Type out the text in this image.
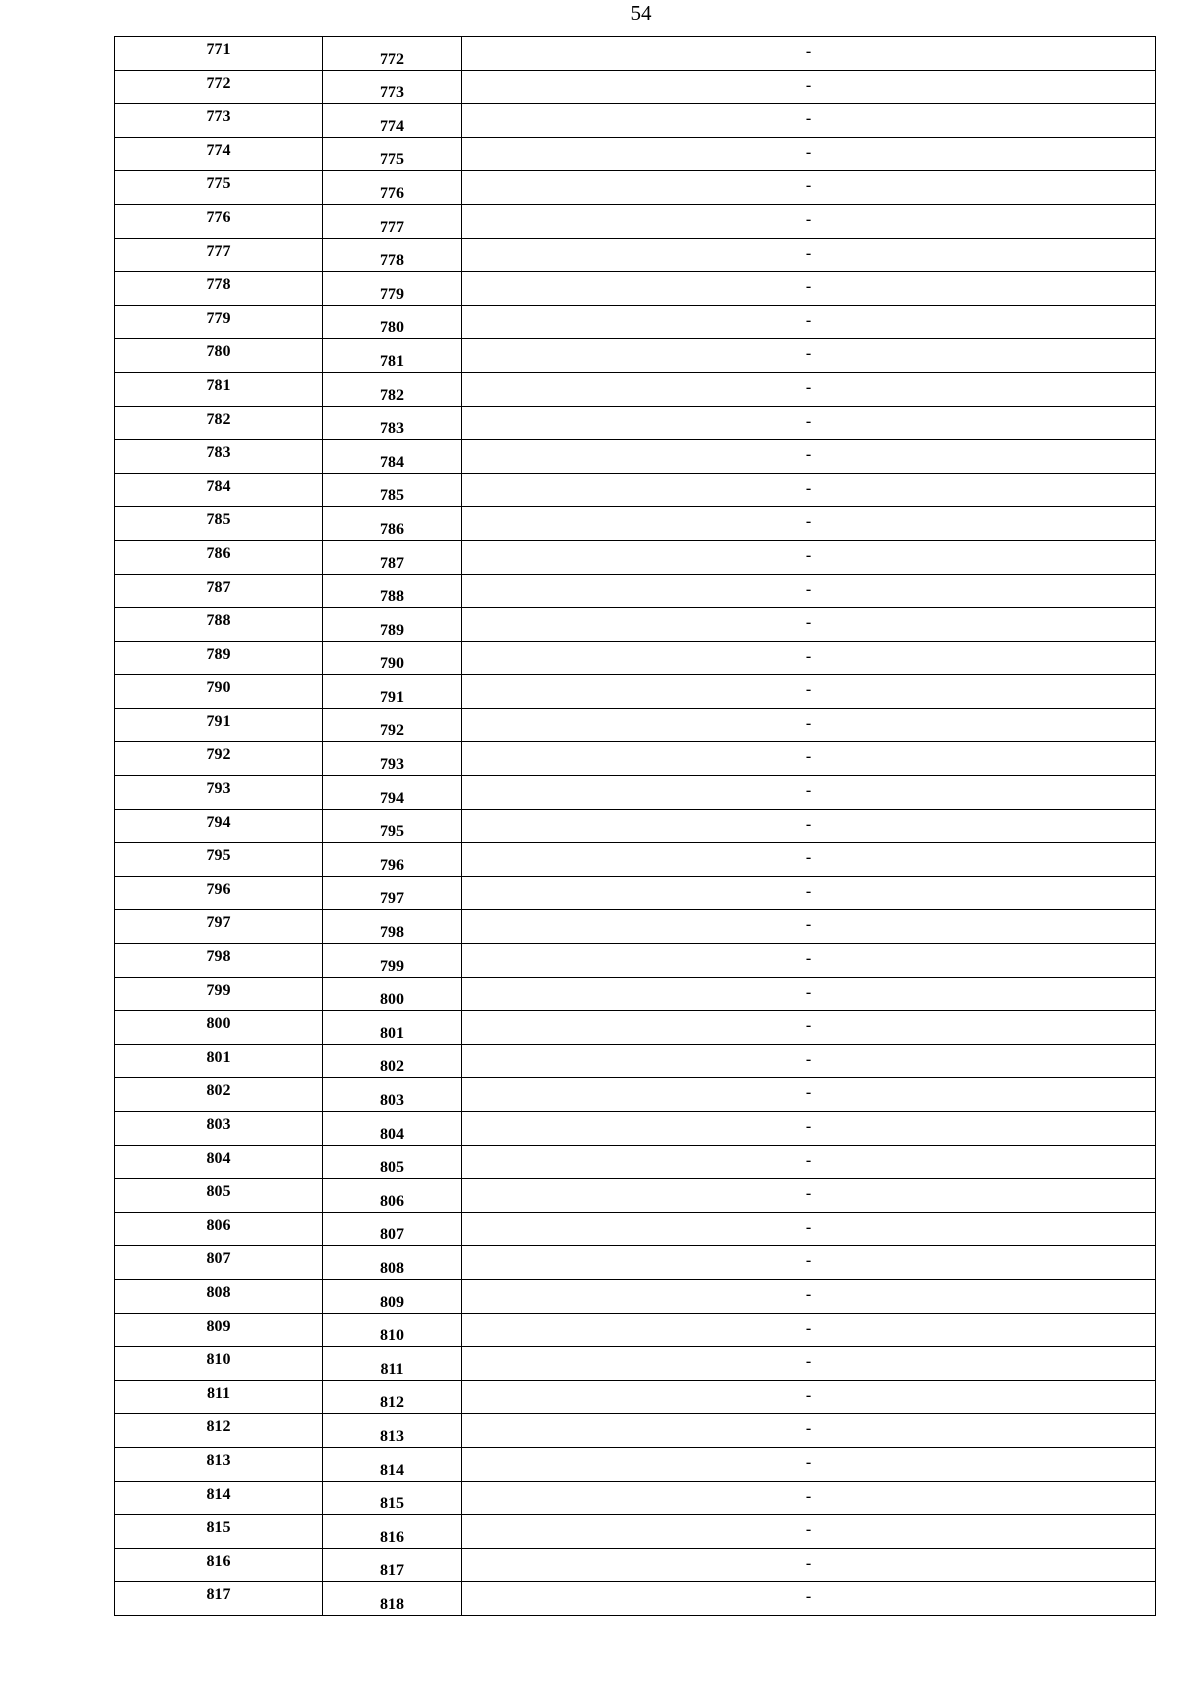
54
771	772	-
772	773	-
773	774	-
774	775	-
775	776	-
776	777	-
777	778	-
778	779	-
779	780	-
780	781	-
781	782	-
782	783	-
783	784	-
784	785	-
785	786	-
786	787	-
787	788	-
788	789	-
789	790	-
790	791	-
791	792	-
792	793	-
793	794	-
794	795	-
795	796	-
796	797	-
797	798	-
798	799	-
799	800	-
800	801	-
801	802	-
802	803	-
803	804	-
804	805	-
805	806	-
806	807	-
807	808	-
808	809	-
809	810	-
810	811	-
811	812	-
812	813	-
813	814	-
814	815	-
815	816	-
816	817	-
817	818	-
